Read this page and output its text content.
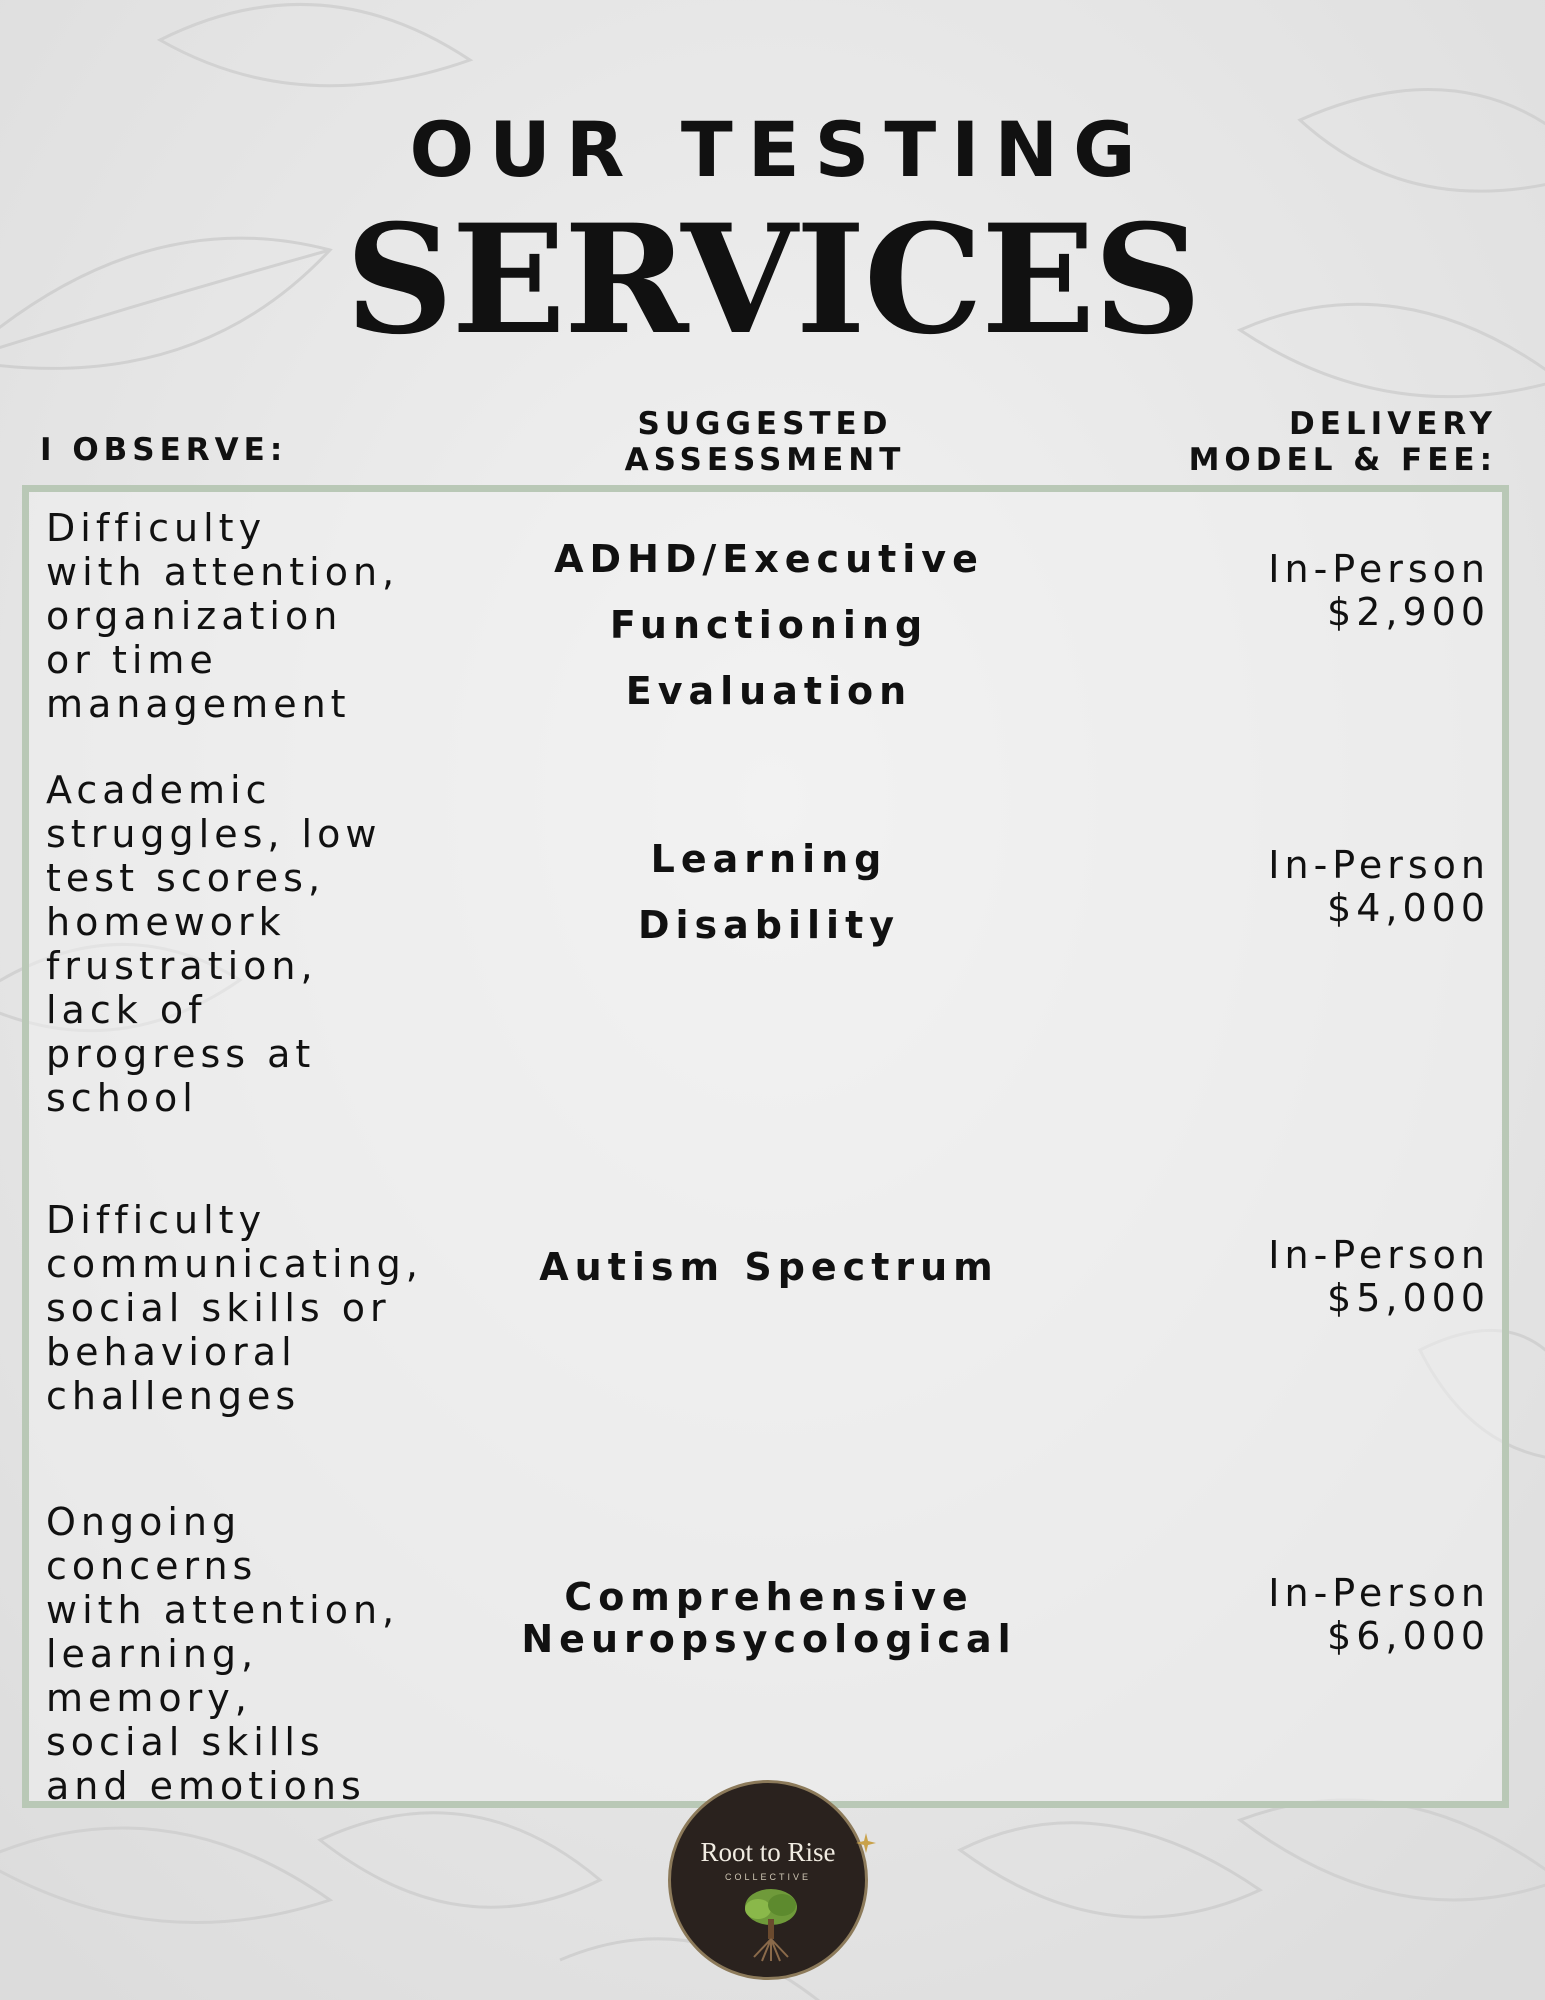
OUR TESTING
SERVICES
I OBSERVE:
SUGGESTED
ASSESSMENT
DELIVERY
MODEL & FEE:
Difficulty
with attention,
organization
or time
management
ADHD/Executive
Functioning
Evaluation
In-Person
$2,900
Academic
struggles, low
test scores,
homework
frustration,
lack of
progress at
school
Learning
Disability
In-Person
$4,000
Difficulty
communicating,
social skills or
behavioral
challenges
Autism Spectrum	In-Person
$5,000
Ongoing
concerns
with attention,
learning,
memory,
social skills
and emotions
Comprehensive
Neuropsycological
In-Person
$6,000
Root to Rise
COLLECTIVE
